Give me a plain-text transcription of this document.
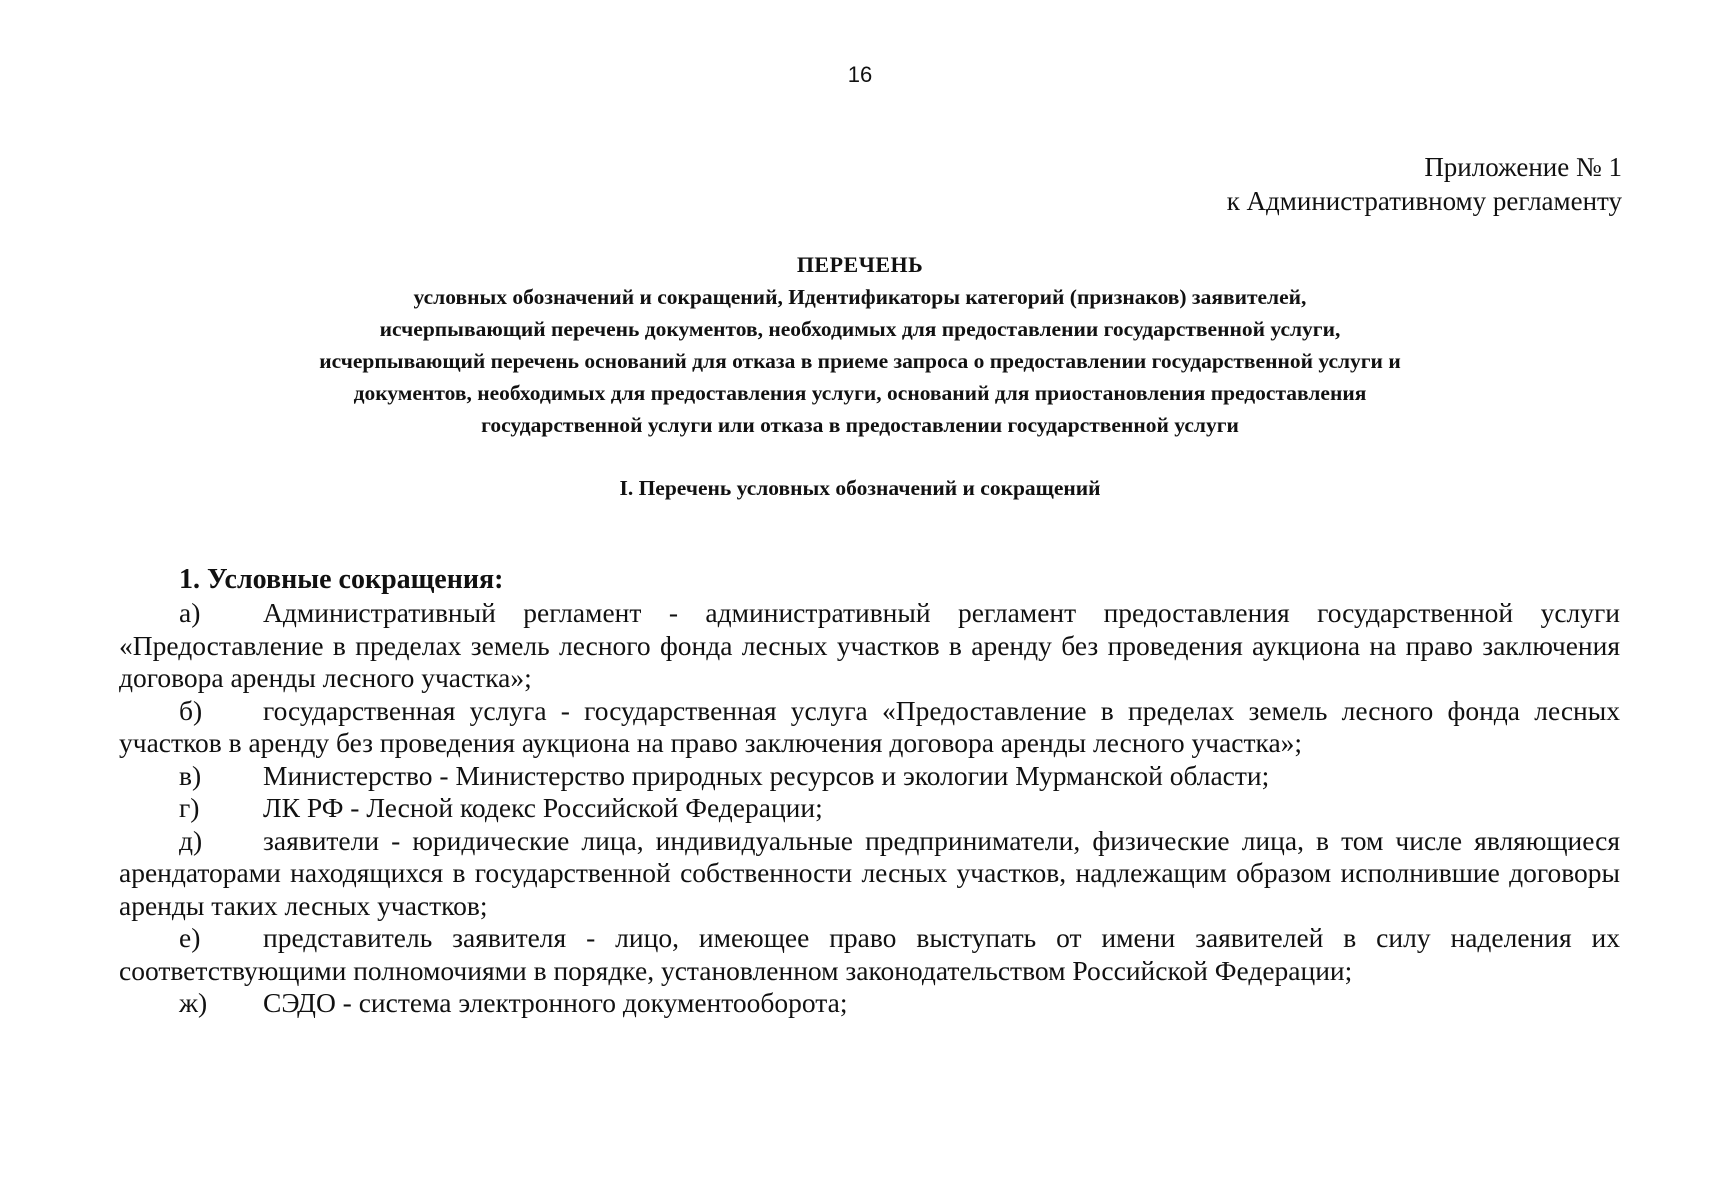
16
Приложение № 1
к Административному регламенту
ПЕРЕЧЕНЬ
условных обозначений и сокращений, Идентификаторы категорий (признаков) заявителей,
исчерпывающий перечень документов, необходимых для предоставлении государственной услуги,
исчерпывающий перечень оснований для отказа в приеме запроса о предоставлении государственной услуги и
документов, необходимых для предоставления услуги, оснований для приостановления предоставления
государственной услуги или отказа в предоставлении государственной услуги
I. Перечень условных обозначений и сокращений

1. Условные сокращения:

а) Административный регламент - административный регламент предоставления государственной услуги «Предоставление в пределах земель лесного фонда лесных участков в аренду без проведения аукциона на право заключения договора аренды лесного участка»;

б) государственная услуга - государственная услуга «Предоставление в пределах земель лесного фонда лесных участков в аренду без проведения аукциона на право заключения договора аренды лесного участка»;

в) Министерство - Министерство природных ресурсов и экологии Мурманской области;

г) ЛК РФ - Лесной кодекс Российской Федерации;

д) заявители - юридические лица, индивидуальные предприниматели, физические лица, в том числе являющиеся арендаторами находящихся в государственной собственности лесных участков, надлежащим образом исполнившие договоры аренды таких лесных участков;

е) представитель заявителя - лицо, имеющее право выступать от имени заявителей в силу наделения их соответствующими полномочиями в порядке, установленном законодательством Российской Федерации;

ж) СЭДО - система электронного документооборота;
